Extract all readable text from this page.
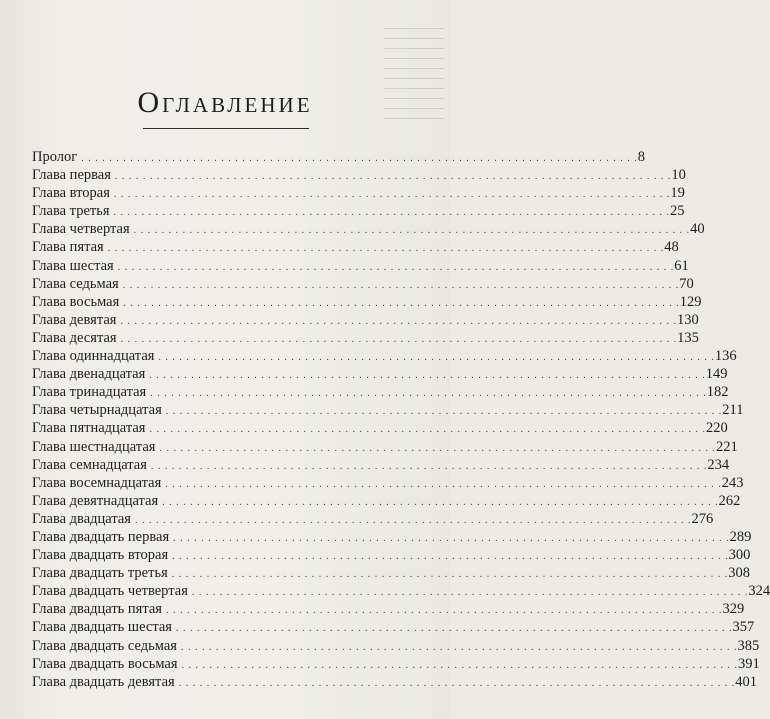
Оглавление
Пролог . . . . . . . . . . . . . . . . . . . . . . . . . . . . . . . . . . . . . . . . . . . . . . . . . . . . . . . . . . . . . . . . . . . . . . . . . . . . . . . . 8
Глава первая . . . . . . . . . . . . . . . . . . . . . . . . . . . . . . . . . . . . . . . . . . . . . . . . . . . . . . . . . . . . . . . . . . . . . . . . . . . . . . . . 10
Глава вторая . . . . . . . . . . . . . . . . . . . . . . . . . . . . . . . . . . . . . . . . . . . . . . . . . . . . . . . . . . . . . . . . . . . . . . . . . . . . . . . . 19
Глава третья . . . . . . . . . . . . . . . . . . . . . . . . . . . . . . . . . . . . . . . . . . . . . . . . . . . . . . . . . . . . . . . . . . . . . . . . . . . . . . . . 25
Глава четвертая . . . . . . . . . . . . . . . . . . . . . . . . . . . . . . . . . . . . . . . . . . . . . . . . . . . . . . . . . . . . . . . . . . . . . . . . . . . . . . . . 40
Глава пятая . . . . . . . . . . . . . . . . . . . . . . . . . . . . . . . . . . . . . . . . . . . . . . . . . . . . . . . . . . . . . . . . . . . . . . . . . . . . . . . . 48
Глава шестая . . . . . . . . . . . . . . . . . . . . . . . . . . . . . . . . . . . . . . . . . . . . . . . . . . . . . . . . . . . . . . . . . . . . . . . . . . . . . . . . 61
Глава седьмая . . . . . . . . . . . . . . . . . . . . . . . . . . . . . . . . . . . . . . . . . . . . . . . . . . . . . . . . . . . . . . . . . . . . . . . . . . . . . . . . 70
Глава восьмая . . . . . . . . . . . . . . . . . . . . . . . . . . . . . . . . . . . . . . . . . . . . . . . . . . . . . . . . . . . . . . . . . . . . . . . . . . . . . . . . 129
Глава девятая . . . . . . . . . . . . . . . . . . . . . . . . . . . . . . . . . . . . . . . . . . . . . . . . . . . . . . . . . . . . . . . . . . . . . . . . . . . . . . . . 130
Глава десятая . . . . . . . . . . . . . . . . . . . . . . . . . . . . . . . . . . . . . . . . . . . . . . . . . . . . . . . . . . . . . . . . . . . . . . . . . . . . . . . . 135
Глава одиннадцатая . . . . . . . . . . . . . . . . . . . . . . . . . . . . . . . . . . . . . . . . . . . . . . . . . . . . . . . . . . . . . . . . . . . . . . . . . . . . . . . . 136
Глава двенадцатая . . . . . . . . . . . . . . . . . . . . . . . . . . . . . . . . . . . . . . . . . . . . . . . . . . . . . . . . . . . . . . . . . . . . . . . . . . . . . . . . 149
Глава тринадцатая . . . . . . . . . . . . . . . . . . . . . . . . . . . . . . . . . . . . . . . . . . . . . . . . . . . . . . . . . . . . . . . . . . . . . . . . . . . . . . . . 182
Глава четырнадцатая . . . . . . . . . . . . . . . . . . . . . . . . . . . . . . . . . . . . . . . . . . . . . . . . . . . . . . . . . . . . . . . . . . . . . . . . . . . . . . . . 211
Глава пятнадцатая . . . . . . . . . . . . . . . . . . . . . . . . . . . . . . . . . . . . . . . . . . . . . . . . . . . . . . . . . . . . . . . . . . . . . . . . . . . . . . . . 220
Глава шестнадцатая . . . . . . . . . . . . . . . . . . . . . . . . . . . . . . . . . . . . . . . . . . . . . . . . . . . . . . . . . . . . . . . . . . . . . . . . . . . . . . . . 221
Глава семнадцатая . . . . . . . . . . . . . . . . . . . . . . . . . . . . . . . . . . . . . . . . . . . . . . . . . . . . . . . . . . . . . . . . . . . . . . . . . . . . . . . . 234
Глава восемнадцатая . . . . . . . . . . . . . . . . . . . . . . . . . . . . . . . . . . . . . . . . . . . . . . . . . . . . . . . . . . . . . . . . . . . . . . . . . . . . . . . . 243
Глава девятнадцатая . . . . . . . . . . . . . . . . . . . . . . . . . . . . . . . . . . . . . . . . . . . . . . . . . . . . . . . . . . . . . . . . . . . . . . . . . . . . . . . . 262
Глава двадцатая . . . . . . . . . . . . . . . . . . . . . . . . . . . . . . . . . . . . . . . . . . . . . . . . . . . . . . . . . . . . . . . . . . . . . . . . . . . . . . . . 276
Глава двадцать первая . . . . . . . . . . . . . . . . . . . . . . . . . . . . . . . . . . . . . . . . . . . . . . . . . . . . . . . . . . . . . . . . . . . . . . . . . . . . . . . . 289
Глава двадцать вторая . . . . . . . . . . . . . . . . . . . . . . . . . . . . . . . . . . . . . . . . . . . . . . . . . . . . . . . . . . . . . . . . . . . . . . . . . . . . . . . . 300
Глава двадцать третья . . . . . . . . . . . . . . . . . . . . . . . . . . . . . . . . . . . . . . . . . . . . . . . . . . . . . . . . . . . . . . . . . . . . . . . . . . . . . . . . 308
Глава двадцать четвертая . . . . . . . . . . . . . . . . . . . . . . . . . . . . . . . . . . . . . . . . . . . . . . . . . . . . . . . . . . . . . . . . . . . . . . . . . . . . . . . . 324
Глава двадцать пятая . . . . . . . . . . . . . . . . . . . . . . . . . . . . . . . . . . . . . . . . . . . . . . . . . . . . . . . . . . . . . . . . . . . . . . . . . . . . . . . . 329
Глава двадцать шестая . . . . . . . . . . . . . . . . . . . . . . . . . . . . . . . . . . . . . . . . . . . . . . . . . . . . . . . . . . . . . . . . . . . . . . . . . . . . . . . . 357
Глава двадцать седьмая . . . . . . . . . . . . . . . . . . . . . . . . . . . . . . . . . . . . . . . . . . . . . . . . . . . . . . . . . . . . . . . . . . . . . . . . . . . . . . . . 385
Глава двадцать восьмая . . . . . . . . . . . . . . . . . . . . . . . . . . . . . . . . . . . . . . . . . . . . . . . . . . . . . . . . . . . . . . . . . . . . . . . . . . . . . . . . 391
Глава двадцать девятая . . . . . . . . . . . . . . . . . . . . . . . . . . . . . . . . . . . . . . . . . . . . . . . . . . . . . . . . . . . . . . . . . . . . . . . . . . . . . . . . 401
